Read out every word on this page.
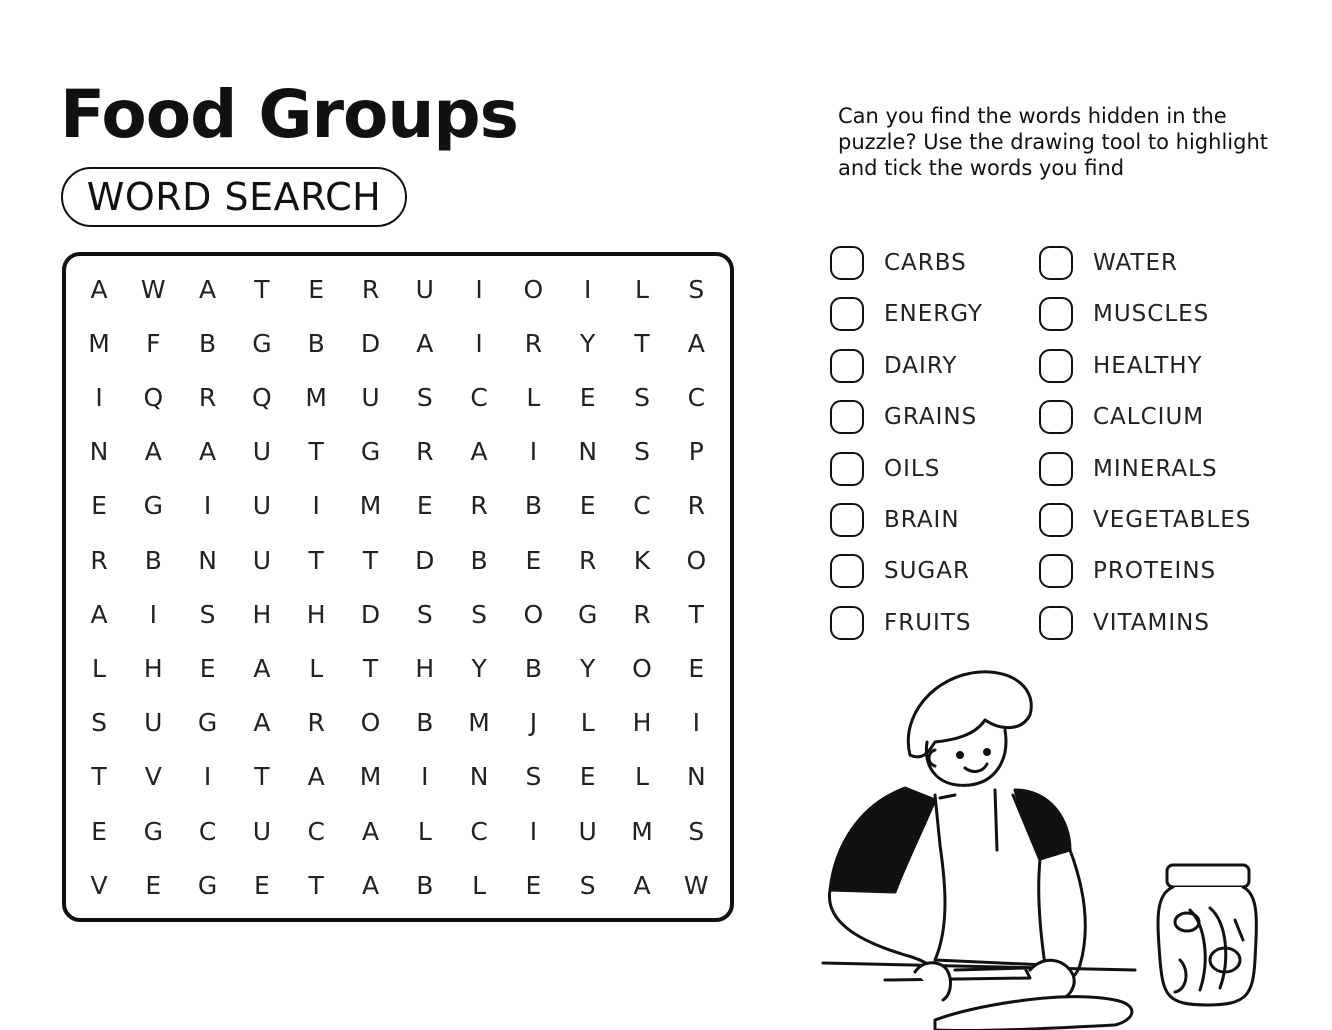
Food Groups
WORD SEARCH

Can you find the words hidden in the puzzle? Use the drawing tool to highlight and tick the words you find

A	W	A	T	E	R	U	I	O	I	L	S
M	F	B	G	B	D	A	I	R	Y	T	A
I	Q	R	Q	M	U	S	C	L	E	S	C
N	A	A	U	T	G	R	A	I	N	S	P
E	G	I	U	I	M	E	R	B	E	C	R
R	B	N	U	T	T	D	B	E	R	K	O
A	I	S	H	H	D	S	S	O	G	R	T
L	H	E	A	L	T	H	Y	B	Y	O	E
S	U	G	A	R	O	B	M	J	L	H	I
T	V	I	T	A	M	I	N	S	E	L	N
E	G	C	U	C	A	L	C	I	U	M	S
V	E	G	E	T	A	B	L	E	S	A	W
CARBS
ENERGY
DAIRY
GRAINS
OILS
BRAIN
SUGAR
FRUITS
WATER
MUSCLES
HEALTHY
CALCIUM
MINERALS
VEGETABLES
PROTEINS
VITAMINS
